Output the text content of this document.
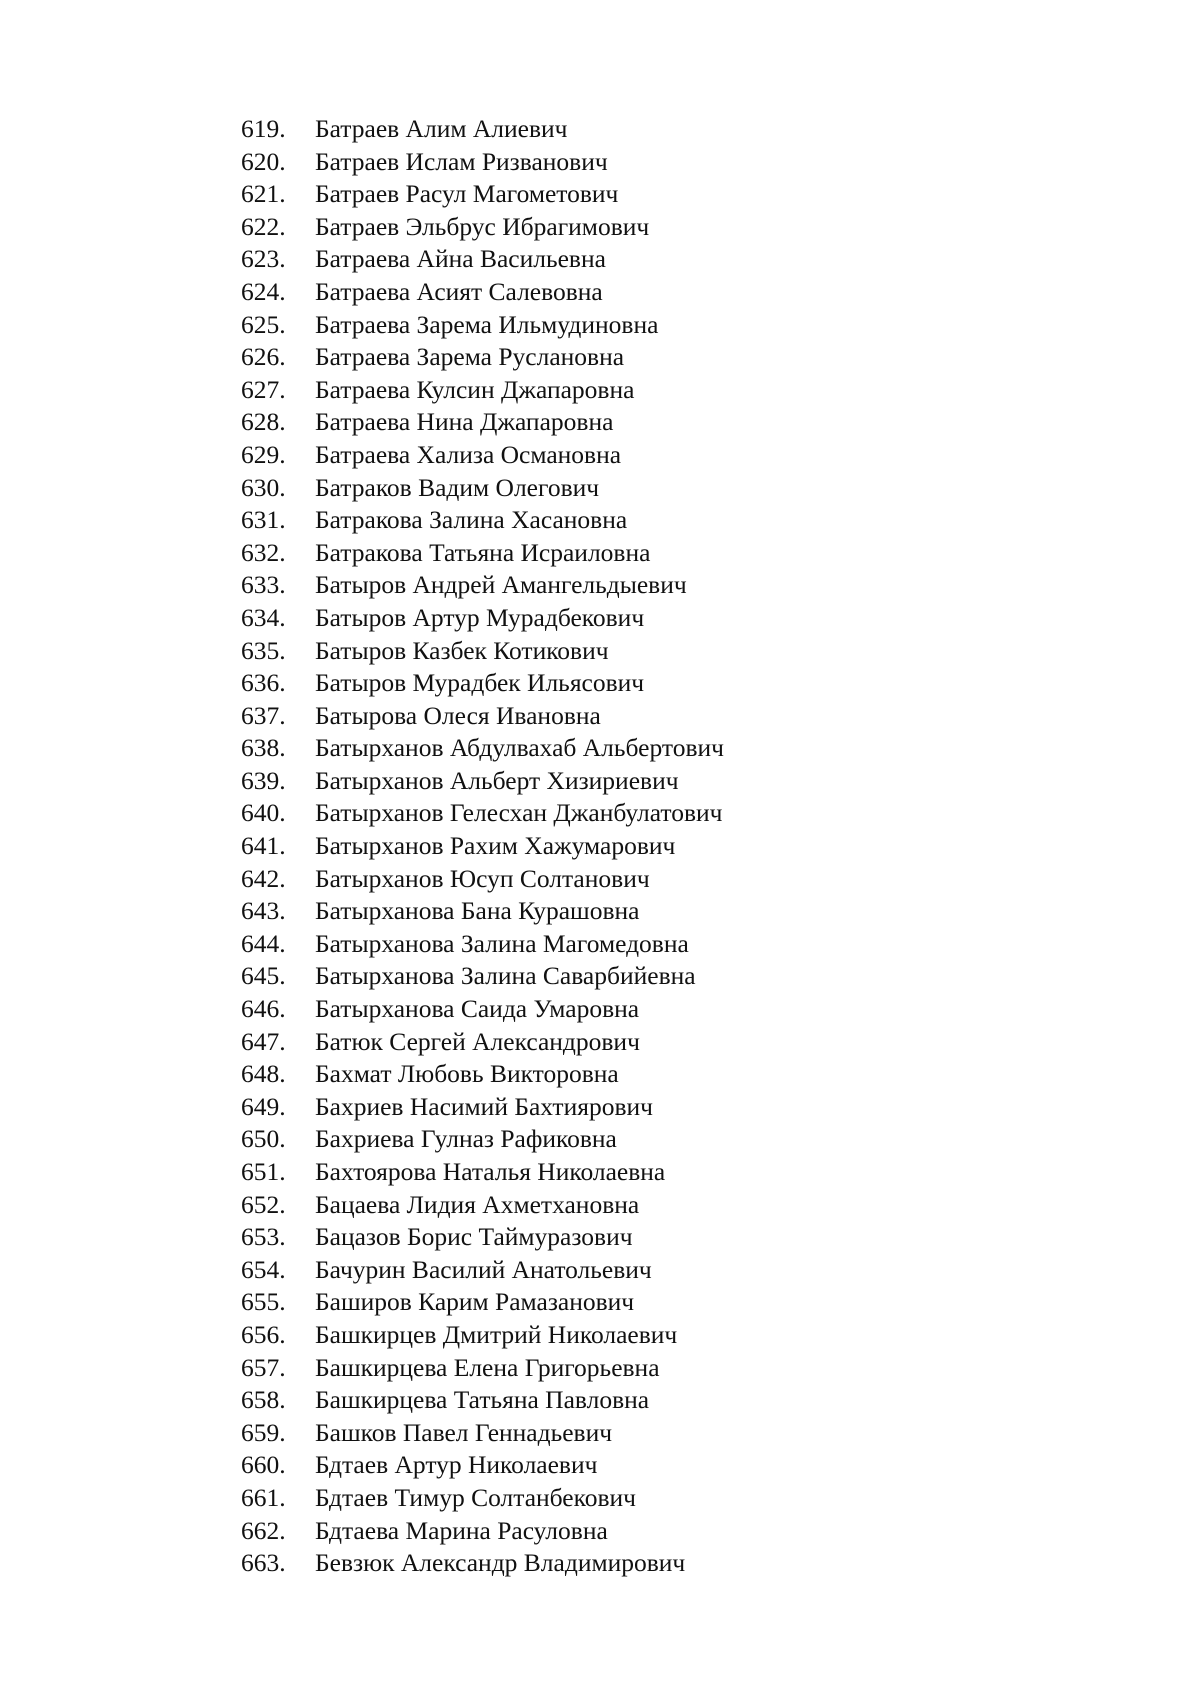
619. Батраев Алим Алиевич
620. Батраев Ислам Ризванович
621. Батраев Расул Магометович
622. Батраев Эльбрус Ибрагимович
623. Батраева Айна Васильевна
624. Батраева Асият Салевовна
625. Батраева Зарема Ильмудиновна
626. Батраева Зарема Руслановна
627. Батраева Кулсин Джапаровна
628. Батраева Нина Джапаровна
629. Батраева Хализа Османовна
630. Батраков Вадим Олегович
631. Батракова Залина Хасановна
632. Батракова Татьяна Исраиловна
633. Батыров Андрей Амангельдыевич
634. Батыров Артур Мурадбекович
635. Батыров Казбек Котикович
636. Батыров Мурадбек Ильясович
637. Батырова Олеся Ивановна
638. Батырханов Абдулвахаб Альбертович
639. Батырханов Альберт Хизириевич
640. Батырханов Гелесхан Джанбулатович
641. Батырханов Рахим Хажумарович
642. Батырханов Юсуп Солтанович
643. Батырханова Бана Курашовна
644. Батырханова Залина Магомедовна
645. Батырханова Залина Саварбийевна
646. Батырханова Саида Умаровна
647. Батюк Сергей Александрович
648. Бахмат Любовь Викторовна
649. Бахриев Насимий Бахтиярович
650. Бахриева Гулназ Рафиковна
651. Бахтоярова Наталья Николаевна
652. Бацаева Лидия Ахметхановна
653. Бацазов Борис Таймуразович
654. Бачурин Василий Анатольевич
655. Баширов Карим Рамазанович
656. Башкирцев Дмитрий Николаевич
657. Башкирцева Елена Григорьевна
658. Башкирцева Татьяна Павловна
659. Башков Павел Геннадьевич
660. Бдтаев Артур Николаевич
661. Бдтаев Тимур Солтанбекович
662. Бдтаева Марина Расуловна
663. Бевзюк Александр Владимирович
